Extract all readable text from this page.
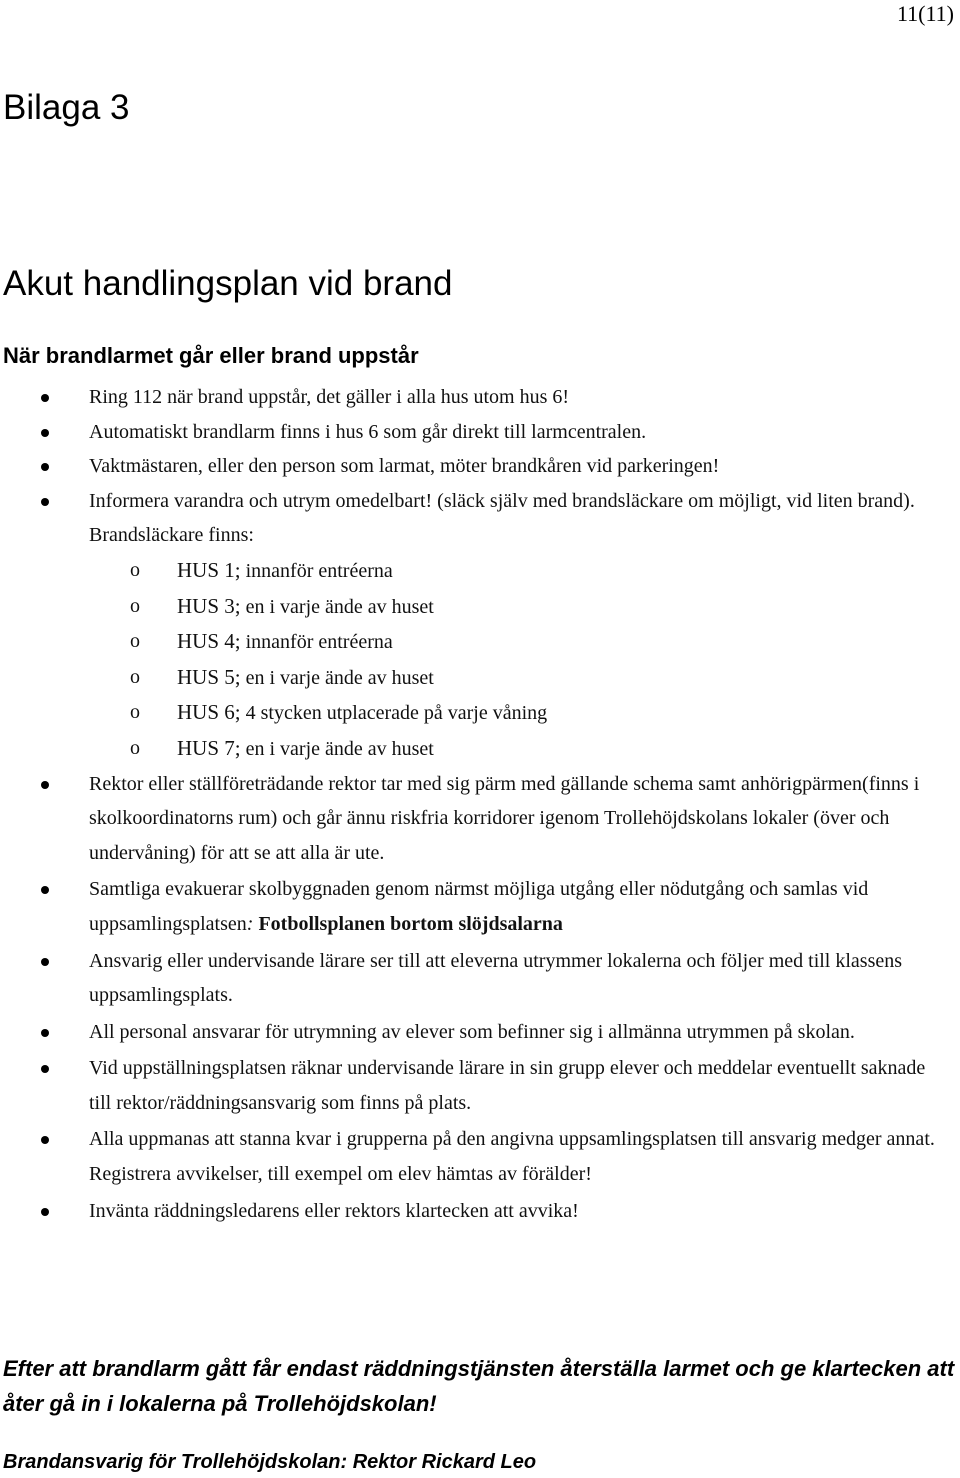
11(11)
Bilaga 3
Akut handlingsplan vid brand
När brandlarmet går eller brand uppstår
Ring 112 när brand uppstår, det gäller i alla hus utom hus 6!
Automatiskt brandlarm finns i hus 6 som går direkt till larmcentralen.
Vaktmästaren, eller den person som larmat, möter brandkåren vid parkeringen!
Informera varandra och utrym omedelbart! (släck själv med brandsläckare om möjligt, vid liten brand). Brandsläckare finns:
o HUS 1; innanför entréerna
o HUS 3; en i varje ände av huset
o HUS 4; innanför entréerna
o HUS 5; en i varje ände av huset
o HUS 6; 4 stycken utplacerade på varje våning
o HUS 7; en i varje ände av huset
Rektor eller ställföreträdande rektor tar med sig pärm med gällande schema samt anhörigpärmen(finns i skolkoordinatorns rum) och går ännu riskfria korridorer igenom Trollehöjdskolans lokaler (över och undervåning) för att se att alla är ute.
Samtliga evakuerar skolbyggnaden genom närmst möjliga utgång eller nödutgång och samlas vid uppsamlingsplatsen: Fotbollsplanen bortom slöjdsalarna
Ansvarig eller undervisande lärare ser till att eleverna utrymmer lokalerna och följer med till klassens uppsamlingsplats.
All personal ansvarar för utrymning av elever som befinner sig i allmänna utrymmen på skolan.
Vid uppställningsplatsen räknar undervisande lärare in sin grupp elever och meddelar eventuellt saknade till rektor/räddningsansvarig som finns på plats.
Alla uppmanas att stanna kvar i grupperna på den angivna uppsamlingsplatsen till ansvarig medger annat. Registrera avvikelser, till exempel om elev hämtas av förälder!
Invänta räddningsledarens eller rektors klartecken att avvika!
Efter att brandlarm gått får endast räddningstjänsten återställa larmet och ge klartecken att åter gå in i lokalerna på Trollehöjdskolan!
Brandansvarig för Trollehöjdskolan: Rektor Rickard Leo
